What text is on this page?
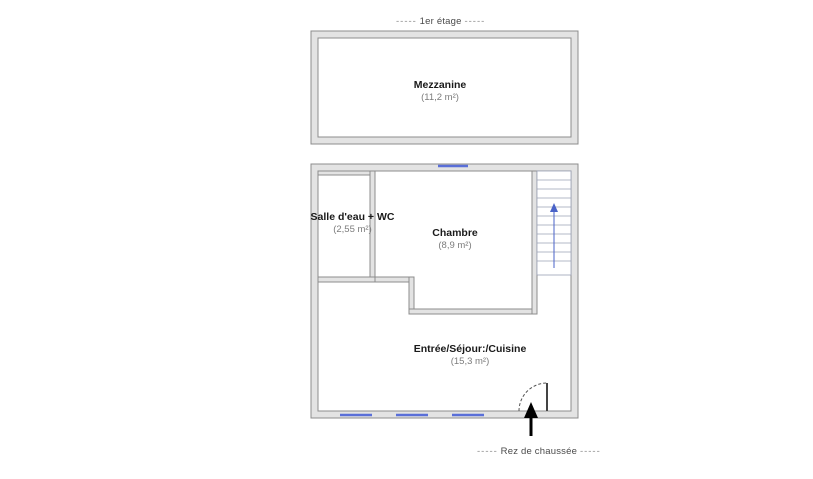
Mezzanine
(11,2 m²)
Salle d'eau + WC
(2,55 m²)	Chambre
(8,9 m²)
Entrée/Séjour:/Cuisine
(15,3 m²)
----- 1er étage -----
----- Rez de chaussée -----
